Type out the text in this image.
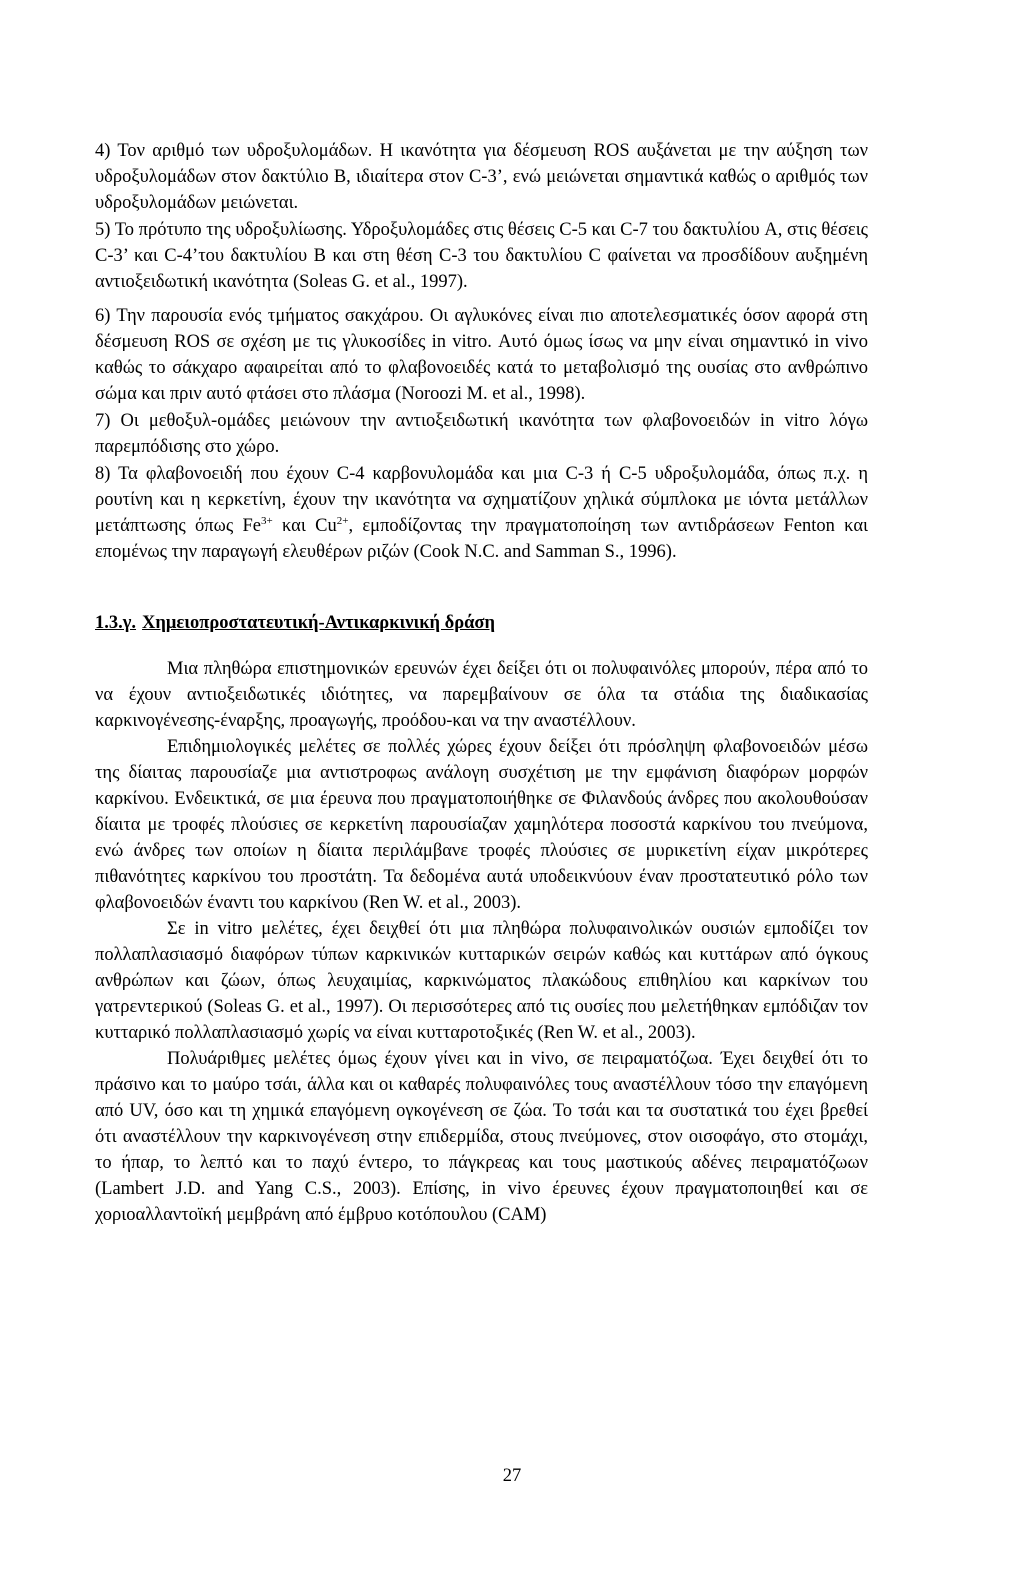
4) Τον αριθμό των υδροξυλομάδων. Η ικανότητα για δέσμευση ROS αυξάνεται με την αύξηση των υδροξυλομάδων στον δακτύλιο B, ιδιαίτερα στον C-3’, ενώ μειώνεται σημαντικά καθώς ο αριθμός των υδροξυλομάδων μειώνεται.

5) Το πρότυπο της υδροξυλίωσης. Υδροξυλομάδες στις θέσεις C-5 και C-7 του δακτυλίου A, στις θέσεις C-3’ και C-4’του δακτυλίου B και στη θέση C-3 του δακτυλίου C φαίνεται να προσδίδουν αυξημένη αντιοξειδωτική ικανότητα (Soleas G. et al., 1997).

6) Την παρουσία ενός τμήματος σακχάρου. Οι αγλυκόνες είναι πιο αποτελεσματικές όσον αφορά στη δέσμευση ROS σε σχέση με τις γλυκοσίδες in vitro. Αυτό όμως ίσως να μην είναι σημαντικό in vivo καθώς το σάκχαρο αφαιρείται από το φλαβονοειδές κατά το μεταβολισμό της ουσίας στο ανθρώπινο σώμα και πριν αυτό φτάσει στο πλάσμα (Noroozi M. et al., 1998).

7) Οι μεθοξυλ-ομάδες μειώνουν την αντιοξειδωτική ικανότητα των φλαβονοειδών in vitro λόγω παρεμπόδισης στο χώρο.

8) Τα φλαβονοειδή που έχουν C-4 καρβονυλομάδα και μια C-3 ή C-5 υδροξυλομάδα, όπως π.χ. η ρουτίνη και η κερκετίνη, έχουν την ικανότητα να σχηματίζουν χηλικά σύμπλοκα με ιόντα μετάλλων μετάπτωσης όπως $Fe^{3+}$ και $Cu^{2+}$, εμποδίζοντας την πραγματοποίηση των αντιδράσεων Fenton και επομένως την παραγωγή ελευθέρων ριζών (Cook N.C. and Samman S., 1996).

1.3.γ. Χημειοπροστατευτική-Αντικαρκινική δράση

Μια πληθώρα επιστημονικών ερευνών έχει δείξει ότι οι πολυφαινόλες μπορούν, πέρα από το να έχουν αντιοξειδωτικές ιδιότητες, να παρεμβαίνουν σε όλα τα στάδια της διαδικασίας καρκινογένεσης-έναρξης, προαγωγής, προόδου-και να την αναστέλλουν.

Επιδημιολογικές μελέτες σε πολλές χώρες έχουν δείξει ότι πρόσληψη φλαβονοειδών μέσω της δίαιτας παρουσίαζε μια αντιστροφως ανάλογη συσχέτιση με την εμφάνιση διαφόρων μορφών καρκίνου. Ενδεικτικά, σε μια έρευνα που πραγματοποιήθηκε σε Φιλανδούς άνδρες που ακολουθούσαν δίαιτα με τροφές πλούσιες σε κερκετίνη παρουσίαζαν χαμηλότερα ποσοστά καρκίνου του πνεύμονα, ενώ άνδρες των οποίων η δίαιτα περιλάμβανε τροφές πλούσιες σε μυρικετίνη είχαν μικρότερες πιθανότητες καρκίνου του προστάτη. Τα δεδομένα αυτά υποδεικνύουν έναν προστατευτικό ρόλο των φλαβονοειδών έναντι του καρκίνου (Ren W. et al., 2003).

Σε in vitro μελέτες, έχει δειχθεί ότι μια πληθώρα πολυφαινολικών ουσιών εμποδίζει τον πολλαπλασιασμό διαφόρων τύπων καρκινικών κυτταρικών σειρών καθώς και κυττάρων από όγκους ανθρώπων και ζώων, όπως λευχαιμίας, καρκινώματος πλακώδους επιθηλίου και καρκίνων του γατρεντερικού (Soleas G. et al., 1997). Οι περισσότερες από τις ουσίες που μελετήθηκαν εμπόδιζαν τον κυτταρικό πολλαπλασιασμό χωρίς να είναι κυτταροτοξικές (Ren W. et al., 2003).

Πολυάριθμες μελέτες όμως έχουν γίνει και in vivo, σε πειραματόζωα. Έχει δειχθεί ότι το πράσινο και το μαύρο τσάι, άλλα και οι καθαρές πολυφαινόλες τους αναστέλλουν τόσο την επαγόμενη από UV, όσο και τη χημικά επαγόμενη ογκογένεση σε ζώα. Το τσάι και τα συστατικά του έχει βρεθεί ότι αναστέλλουν την καρκινογένεση στην επιδερμίδα, στους πνεύμονες, στον οισοφάγο, στο στομάχι, το ήπαρ, το λεπτό και το παχύ έντερο, το πάγκρεας και τους μαστικούς αδένες πειραματόζωων (Lambert J.D. and Yang C.S., 2003). Επίσης, in vivo έρευνες έχουν πραγματοποιηθεί και σε χοριοαλλαντοϊκή μεμβράνη από έμβρυο κοτόπουλου (CAM)

27
